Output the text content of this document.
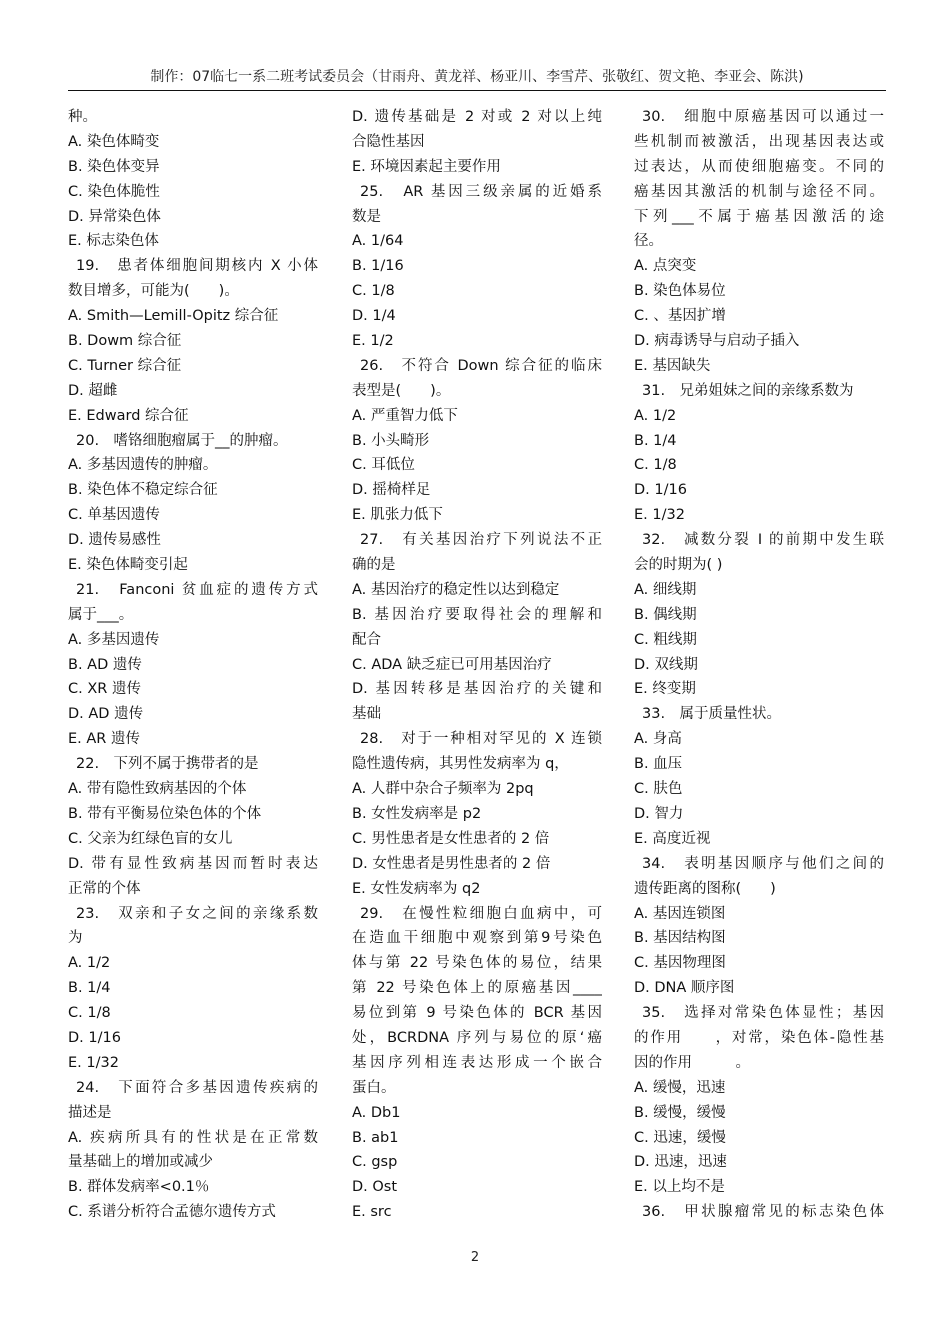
制作：07临七一系二班考试委员会（甘雨舟、黄龙祥、杨亚川、李雪芹、张敬红、贺文艳、李亚会、陈洪)
种。
A. 染色体畸变
B. 染色体变异
C. 染色体脆性
D. 异常染色体
E. 标志染色体
19.　患者体细胞间期核内 X 小体
数目增多，可能为(　　)。
A. Smith—Lemill-Opitz 综合征
B. Dowm 综合征
C. Turner 综合征
D. 超雌
E. Edward 综合征
20.　嗜铬细胞瘤属于__的肿瘤。
A. 多基因遗传的肿瘤。
B. 染色体不稳定综合征
C. 单基因遗传
D. 遗传易感性
E. 染色体畸变引起
21.　Fanconi 贫血症的遗传方式
属于___。
A. 多基因遗传
B. AD 遗传
C. XR 遗传
D. AD 遗传
E. AR 遗传
22.　下列不属于携带者的是
A. 带有隐性致病基因的个体
B. 带有平衡易位染色体的个体
C. 父亲为红绿色盲的女儿
D. 带有显性致病基因而暂时表达
正常的个体
23.　双亲和子女之间的亲缘系数
为
A. 1/2
B. 1/4
C. 1/8
D. 1/16
E. 1/32
24.　下面符合多基因遗传疾病的
描述是
A. 疾病所具有的性状是在正常数
量基础上的增加或减少
B. 群体发病率<0.1％
C. 系谱分析符合孟德尔遗传方式
D. 遗传基础是 2 对或 2 对以上纯
合隐性基因
E. 环境因素起主要作用
25.　AR 基因三级亲属的近婚系
数是
A. 1/64
B. 1/16
C. 1/8
D. 1/4
E. 1/2
26.　不符合 Down 综合征的临床
表型是(　　)。
A. 严重智力低下
B. 小头畸形
C. 耳低位
D. 摇椅样足
E. 肌张力低下
27.　有关基因治疗下列说法不正
确的是
A. 基因治疗的稳定性以达到稳定
B. 基因治疗要取得社会的理解和
配合
C. ADA 缺乏症已可用基因治疗
D. 基因转移是基因治疗的关键和
基础
28.　对于一种相对罕见的 X 连锁
隐性遗传病，其男性发病率为 q，
A. 人群中杂合子频率为 2pq
B. 女性发病率是 p2
C. 男性患者是女性患者的 2 倍
D. 女性患者是男性患者的 2 倍
E. 女性发病率为 q2
29.　在慢性粒细胞白血病中，可
在造血干细胞中观察到第9号染色
体与第 22 号染色体的易位，结果
第 22 号染色体上的原癌基因____
易位到第 9 号染色体的 BCR 基因
处，BCRDNA 序列与易位的原‘癌
基因序列相连表达形成一个嵌合
蛋白。
A. Db1
B. ab1
C. gsp
D. Ost
E. src
30.　细胞中原癌基因可以通过一
些机制而被激活，出现基因表达或
过表达，从而使细胞癌变。不同的
癌基因其激活的机制与途径不同。
下列___不属于癌基因激活的途
径。
A. 点突变
B. 染色体易位
C. 、基因扩增
D. 病毒诱导与启动子插入
E. 基因缺失
31.　兄弟姐妹之间的亲缘系数为
A. 1/2
B. 1/4
C. 1/8
D. 1/16
E. 1/32
32.　减数分裂 I 的前期中发生联
会的时期为( )
A. 细线期
B. 偶线期
C. 粗线期
D. 双线期
E. 终变期
33.　属于质量性状。
A. 身高
B. 血压
C. 肤色
D. 智力
E. 高度近视
34.　表明基因顺序与他们之间的
遗传距离的图称(　　)
A. 基因连锁图
B. 基因结构图
C. 基因物理图
D. DNA 顺序图
35.　选择对常染色体显性；基因
的作用　　，对常，染色体-隐性基
因的作用　　　。
A. 缓慢，迅速
B. 缓慢，缓慢
C. 迅速，缓慢
D. 迅速，迅速
E. 以上均不是
36.　甲状腺瘤常见的标志染色体
2
